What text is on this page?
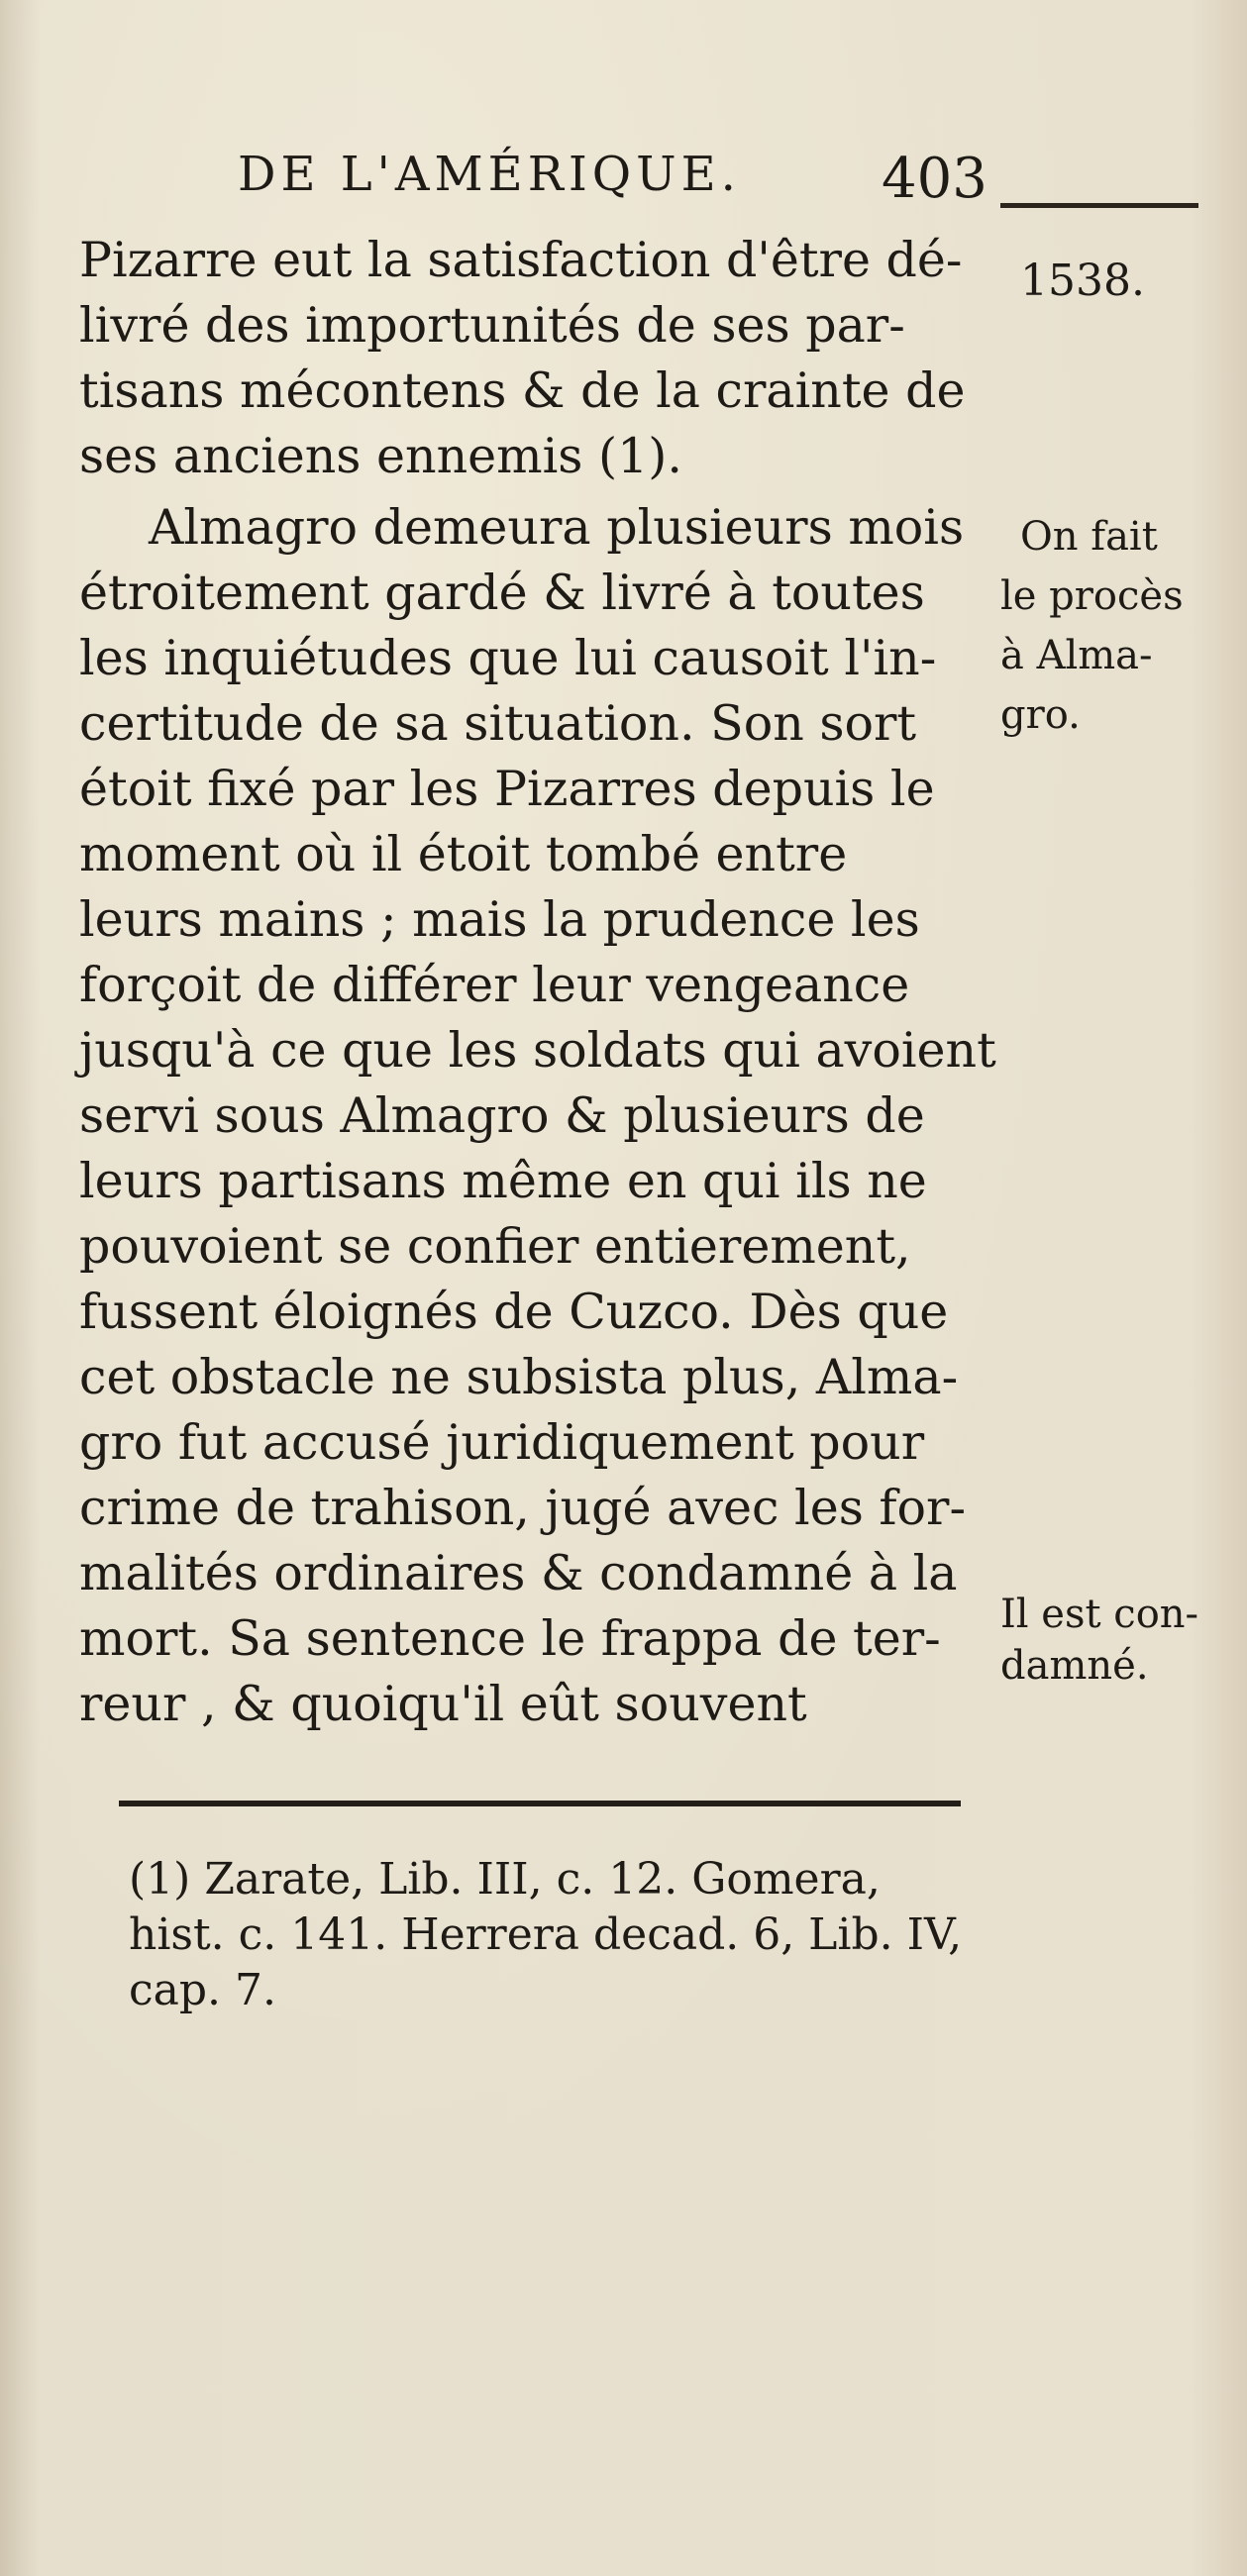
DE L'AMÉRIQUE.	403
1538.
Pizarre eut la satisfaction d'être dé-
livré des importunités de ses par-
tisans mécontens & de la crainte de
ses anciens ennemis (1).
Almagro demeura plusieurs mois
étroitement gardé & livré à toutes
les inquiétudes que lui causoit l'in-
certitude de sa situation. Son sort
étoit fixé par les Pizarres depuis le
moment où il étoit tombé entre
leurs mains ; mais la prudence les
forçoit de différer leur vengeance
jusqu'à ce que les soldats qui avoient
servi sous Almagro & plusieurs de
leurs partisans même en qui ils ne
pouvoient se confier entierement,
fussent éloignés de Cuzco. Dès que
cet obstacle ne subsista plus, Alma-
gro fut accusé juridiquement pour
crime de trahison, jugé avec les for-
malités ordinaires & condamné à la
mort. Sa sentence le frappa de ter-
reur , & quoiqu'il eût souvent
On fait
le procès
à Alma-
gro.
Il est con-
damné.
(1) Zarate, Lib. III, c. 12. Gomera,
hist. c. 141. Herrera decad. 6, Lib. IV,
cap. 7.
